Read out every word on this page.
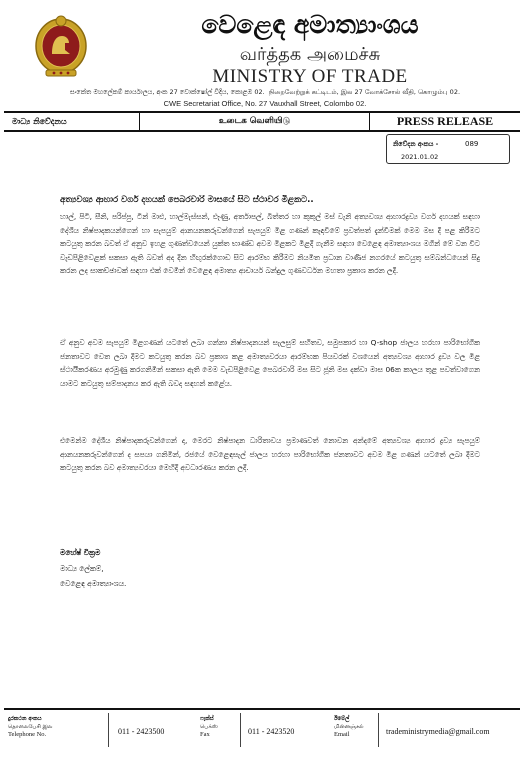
වෙළෙඳ අමාත්‍යාංශය
வர்த்தக அமைச்சு
MINISTRY OF TRADE
සංකේත මහලේකම් කාර්යාලය, අංක 27 වොක්ෂෝල් වීදිය, කොළඹ 02. ​ நிறைவேற்றுக் கட்டிடம், இல 27 வோக்சோல் வீதி, கொழும்பு 02.
CWE Secretariat Office, No. 27 Vauxhall Street, Colombo 02.
මාධ්‍ය නිවේදනය	உடைக வெளியிடு	PRESS RELEASE
නිවේදන අංකය -	089
2021.01.02
අත්‍යවශ්‍ය ආහාර වර්ග දහයක් පෙබරවාරි මාසයේ සිට ස්ථාවර මිළකට..

හාල්, පිටි, සීනි, පරිප්පු, ටින් මාළු, හාල්මැස්සන්, ළූණු, අර්තාපල්, බිත්තර හා කුකුල් මස් වැනි අත්‍යවශ්‍ය ආහාරද්‍රව්‍ය වර්ග දහයක් සඳහා දේශීය නිෂ්පාදකයන්ගෙන් හා සැපයුම් ආනයනකරුවන්ගෙන් සැපයුම් මිළ ගණන් කැඳවීමේ ප්‍රවත්පත් දැන්වීමක් මෙම මස දී පළ කිරීමට කටයුතු කරන බවත් ඒ අනුව ඉහළ ගුණත්වයෙන් යුක්ත භාණ්ඩ අවම මිළකට මිළදී ගැනීම සඳහා වෙළෙඳ අමාත්‍යාංශය මගින් මේ වන විට වැඩපිළිවෙළක් සකසා ඇති බවත් අද දින හිඟුරක්ගොඩ සිට ආරම්භ කිරීමට නියමිත ප්‍රධාන වාණිජ නගරයේ කටයුතු සම්බන්ධයෙන් සිදු කරන ලද සාකච්ඡාවක් සඳහා එක් වෙමින් වෙළෙඳ අමාත්‍ය ආචාර්ය බන්දුල ගුණවර්ධන මහතා ප්‍රකාශ කරන ලදී.

ඒ අනුව අවම සැපයුම් මිළගණන් යටතේ ලබා ගන්නා නිෂ්පාදනයන් සැලසුම් සහිතව, සමුපකාර හා Q-shop ජාලය හරහා පාරිභෝගික ජනතාවට වෙත ලබා දීමට කටයුතු කරන බව ප්‍රකාශ කළ අමාත්‍යවරයා ආරම්භක පියවරක් වශයෙන් අත්‍යවශ්‍ය ආහාර ද්‍රව්‍ය වල මිළ ස්ථායීකරණය අරමුණු කරගනිමින් සකසා ඇති මෙම වැඩපිළිවෙළ පෙබරවාරි මස සිට ජූනි මස දක්වා මාස 06ක කාලය තුළ පවත්වාගෙන යාමට කටයුතු සම්පාදනය කර ඇති බවද සඳහන් කළේය.

එමෙන්ම දේශීය නිෂ්පාදකරුවන්ගෙන් ද, මෙරට නිෂ්පාදන ධාරිතාවය ප්‍රමාණවත් නොවන අන්දමේ අත්‍යවශ්‍ය ආහාර ද්‍රව්‍ය සැපයුම් ආනයනකරුවන්ගෙන් ද සපයා ගනිමින්, රජයේ වෙළෙඳසැල් ජාලය හරහා පාරිභෝගික ජනතාවට අවම මිළ ගණන් යටතේ ලබා දීමට කටයුතු කරන බව අමාත්‍යවරයා මෙහිදී අවධාරණය කරන ලදී.

මහේෂ් වික්‍රම
මාධ්‍ය ලේකම්,
වෙළෙඳ අමාත්‍යාංශය.
දුරකථන අංකය
தொலைபேசி இல
Telephone No.	011 - 2423500
ෆැක්ස්
பெக்ஸ்
Fax	011 - 2423520
ඊමේල්
மின்னஞ்சல்
Email	tradeministrymedia@gmail.com
